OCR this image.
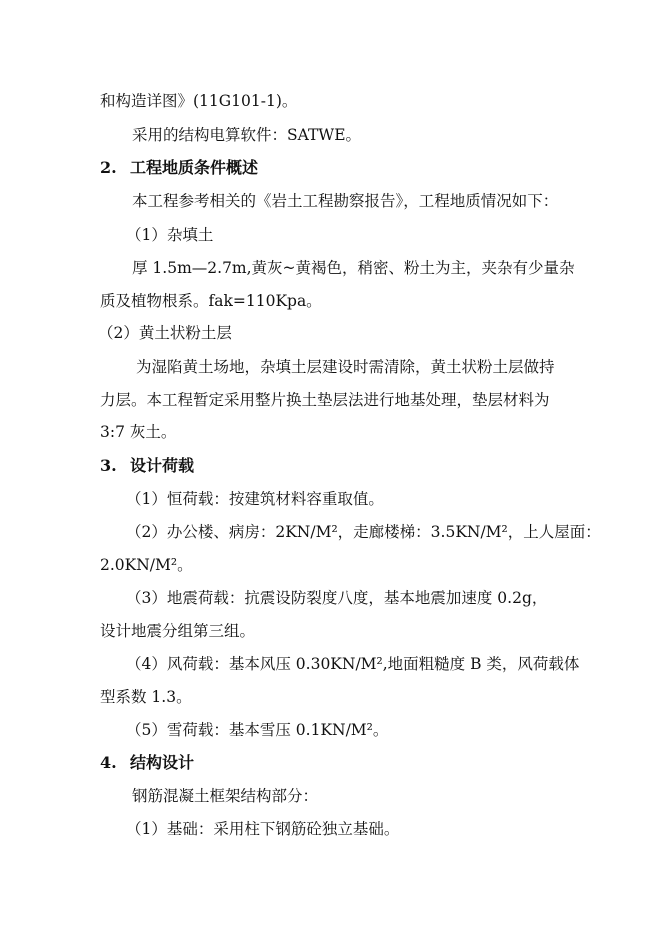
和构造详图》(11G101-1)。
采用的结构电算软件：SATWE。
2. 工程地质条件概述
本工程参考相关的《岩土工程勘察报告》，工程地质情况如下：
（1）杂填土
厚 1.5m—2.7m,黄灰~黄褐色，稍密、粉土为主，夹杂有少量杂
质及植物根系。fak=110Kpa。
（2）黄土状粉土层
为湿陷黄土场地，杂填土层建设时需清除，黄土状粉土层做持
力层。本工程暂定采用整片换土垫层法进行地基处理，垫层材料为
3:7 灰土。
3. 设计荷载
（1）恒荷载：按建筑材料容重取值。
（2）办公楼、病房：2KN/M²，走廊楼梯：3.5KN/M²，上人屋面：
2.0KN/M²。
（3）地震荷载：抗震设防裂度八度，基本地震加速度 0.2g，
设计地震分组第三组。
（4）风荷载：基本风压 0.30KN/M²,地面粗糙度 B 类，风荷载体
型系数 1.3。
（5）雪荷载：基本雪压 0.1KN/M²。
4. 结构设计
钢筋混凝土框架结构部分：
（1）基础：采用柱下钢筋砼独立基础。
